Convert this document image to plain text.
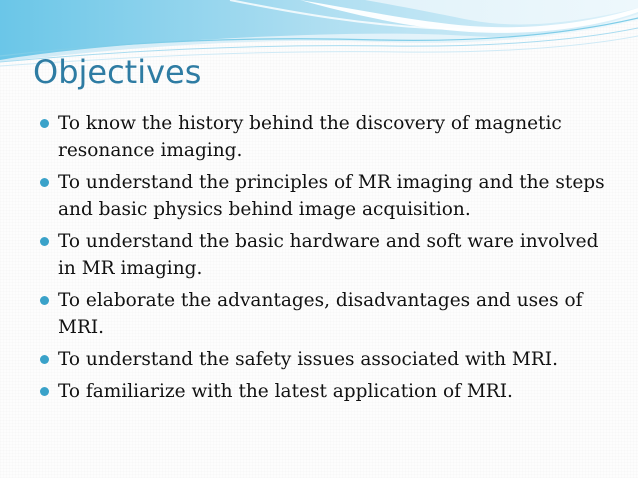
Objectives
To know the history behind the discovery of magnetic resonance imaging.
To understand the principles of MR imaging and the steps and basic physics behind image acquisition.
To understand the basic hardware and soft ware involved in MR imaging.
To elaborate the advantages, disadvantages and uses of MRI.
To understand the safety issues associated with MRI.
To familiarize with the latest application of MRI.
